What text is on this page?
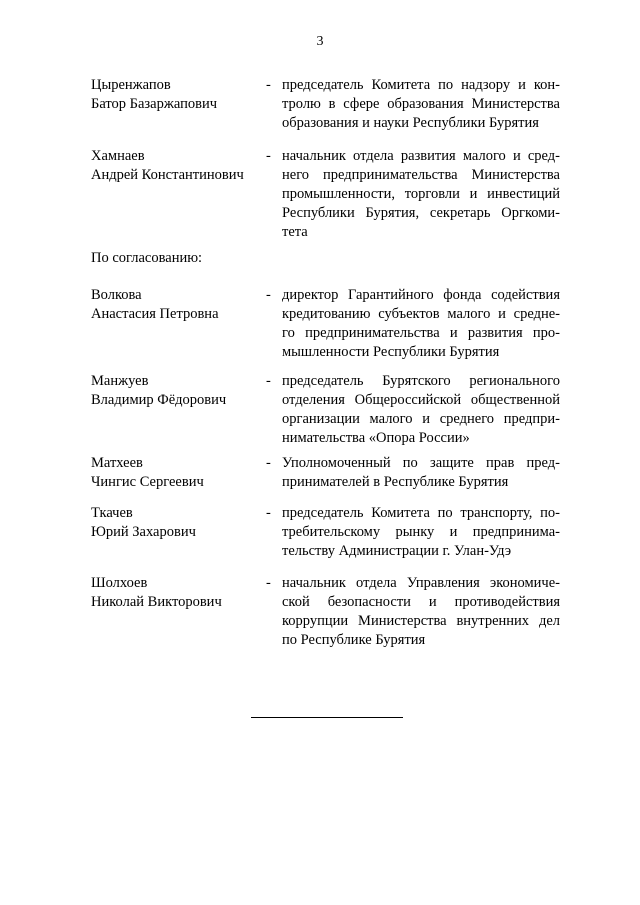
3
Цыренжапов
Батор Базаржапович
- председатель Комитета по надзору и кон-
тролю в сфере образования Министерства
образования и науки Республики Бурятия
Хамнаев
Андрей Константинович
- начальник отдела развития малого и сред-
него предпринимательства Министерства
промышленности, торговли и инвестиций
Республики Бурятия, секретарь Оргкоми-
тета
По согласованию:
Волкова
Анастасия Петровна
- директор Гарантийного фонда содействия
кредитованию субъектов малого и средне-
го предпринимательства и развития про-
мышленности Республики Бурятия
Манжуев
Владимир Фёдорович
- председатель Бурятского регионального
отделения Общероссийской общественной
организации малого и среднего предпри-
нимательства «Опора России»
Матхеев
Чингис Сергеевич
- Уполномоченный по защите прав пред-
принимателей в Республике Бурятия
Ткачев
Юрий Захарович
- председатель Комитета по транспорту, по-
требительскому рынку и предпринима-
тельству Администрации г. Улан-Удэ
Шолхоев
Николай Викторович
- начальник отдела Управления экономиче-
ской безопасности и противодействия
коррупции Министерства внутренних дел
по Республике Бурятия
